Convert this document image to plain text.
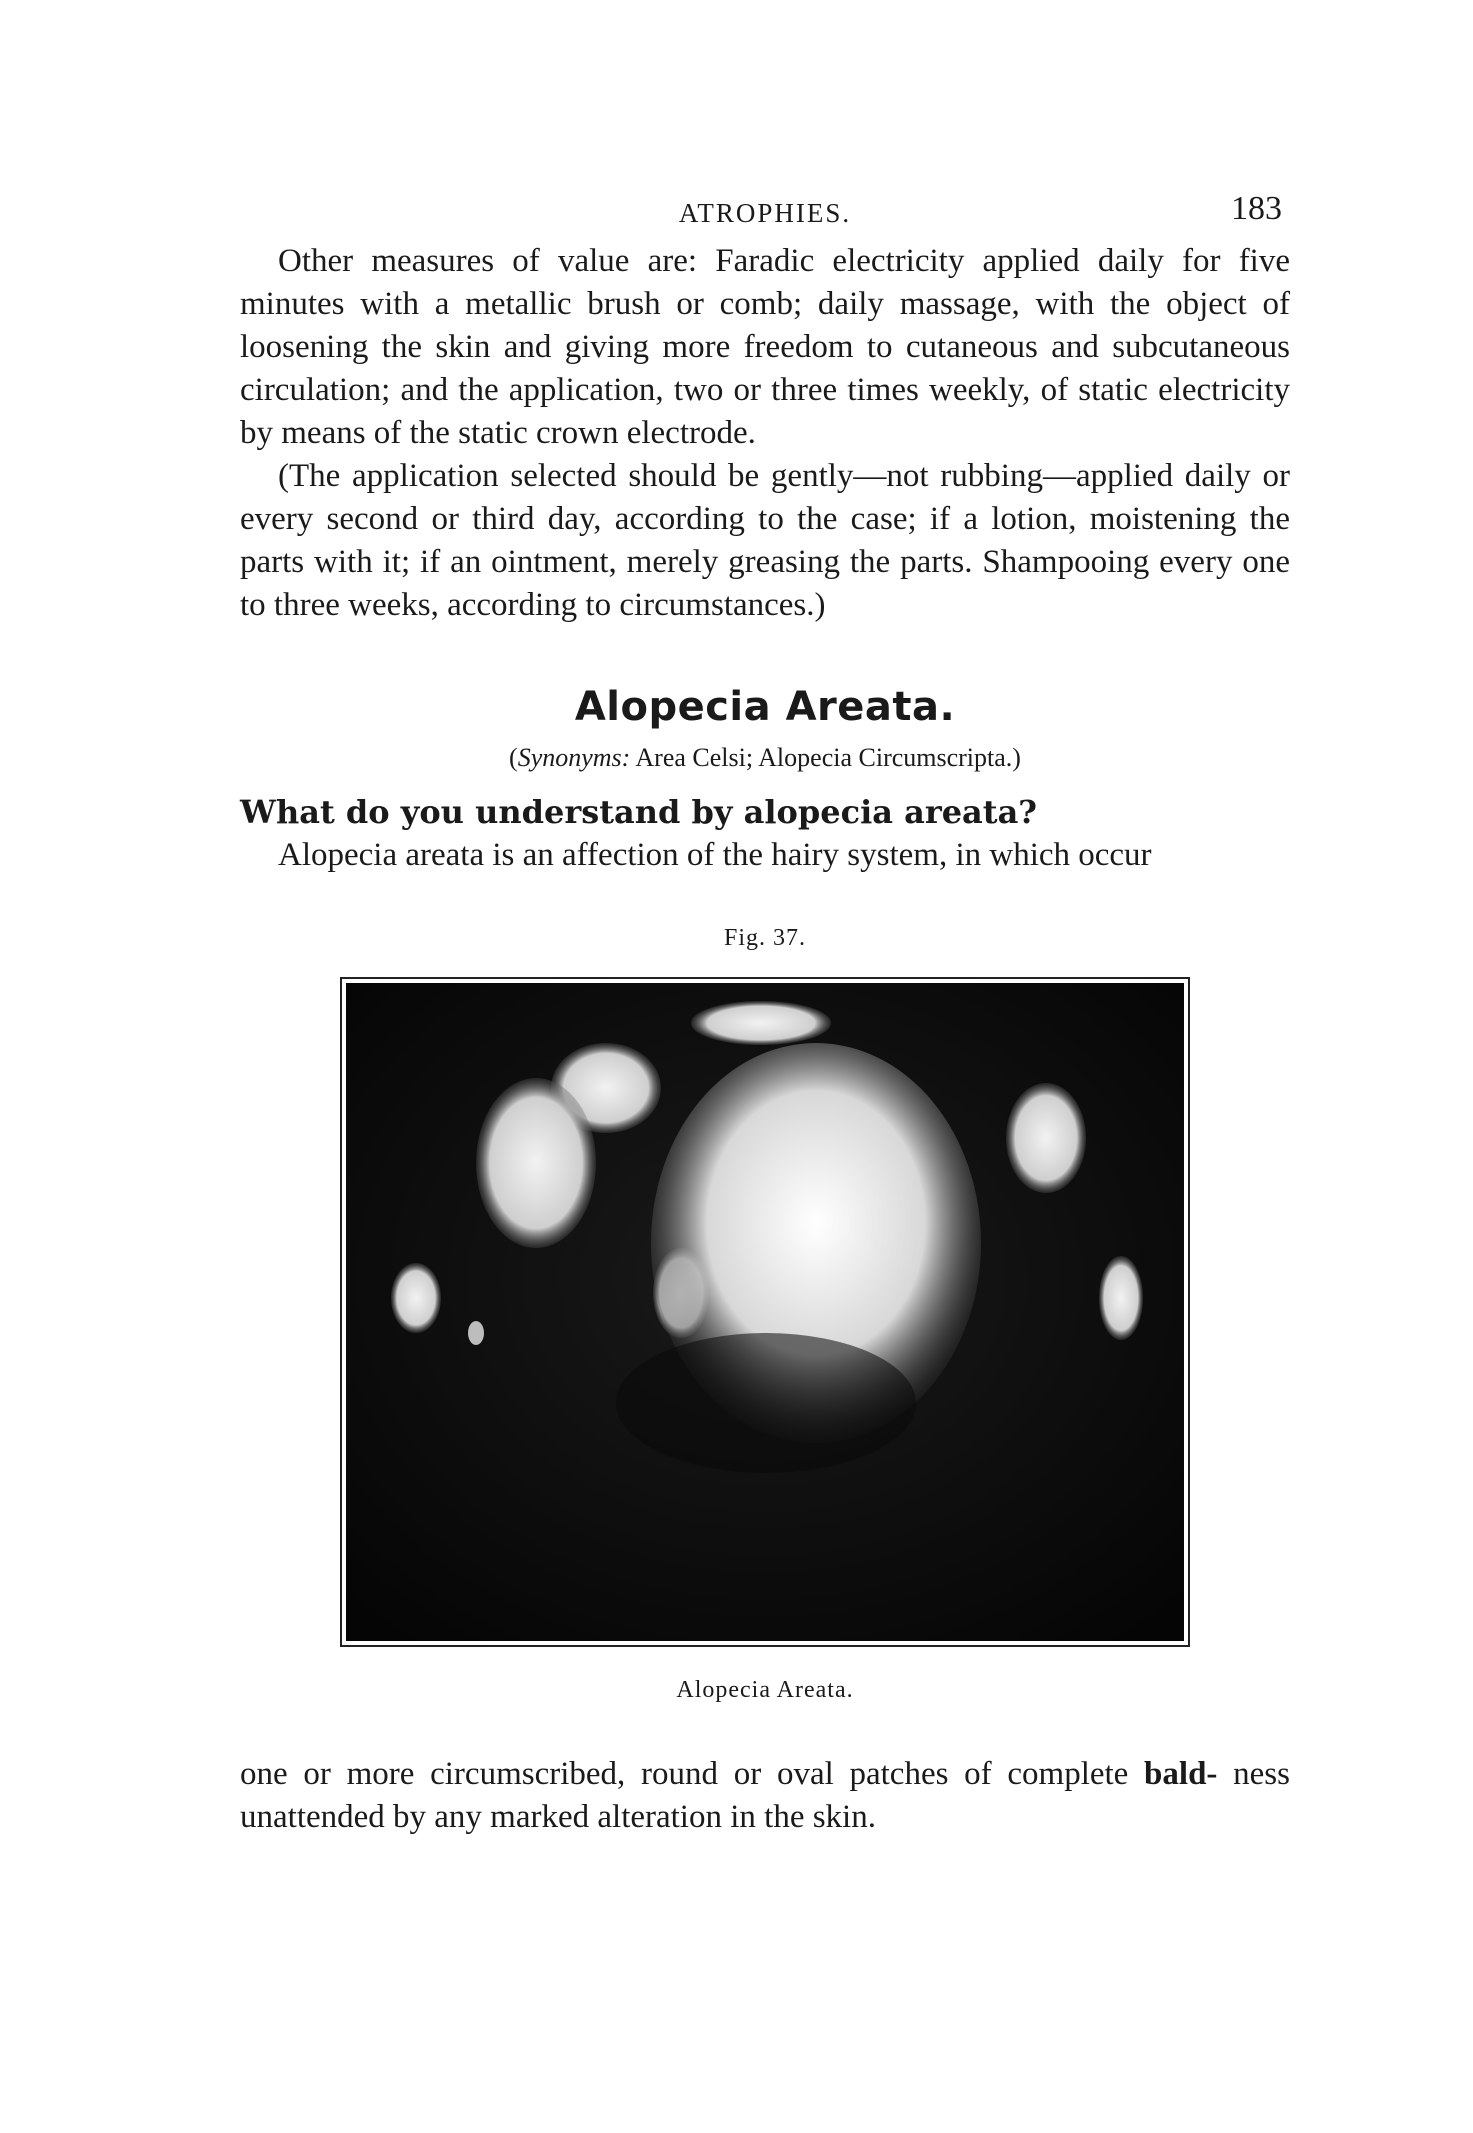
ATROPHIES.	183

Other measures of value are: Faradic electricity applied daily for five minutes with a metallic brush or comb; daily massage, with the object of loosening the skin and giving more freedom to cutaneous and subcutaneous circulation; and the application, two or three times weekly, of static electricity by means of the static crown electrode.

(The application selected should be gently—not rubbing—applied daily or every second or third day, according to the case; if a lotion, moistening the parts with it; if an ointment, merely greasing the parts. Shampooing every one to three weeks, according to circumstances.)

Alopecia Areata.
(Synonyms: Area Celsi; Alopecia Circumscripta.)
What do you understand by alopecia areata?

Alopecia areata is an affection of the hairy system, in which occur

Fig. 37.
Alopecia Areata.

one or more circumscribed, round or oval patches of complete bald- ness unattended by any marked alteration in the skin.
